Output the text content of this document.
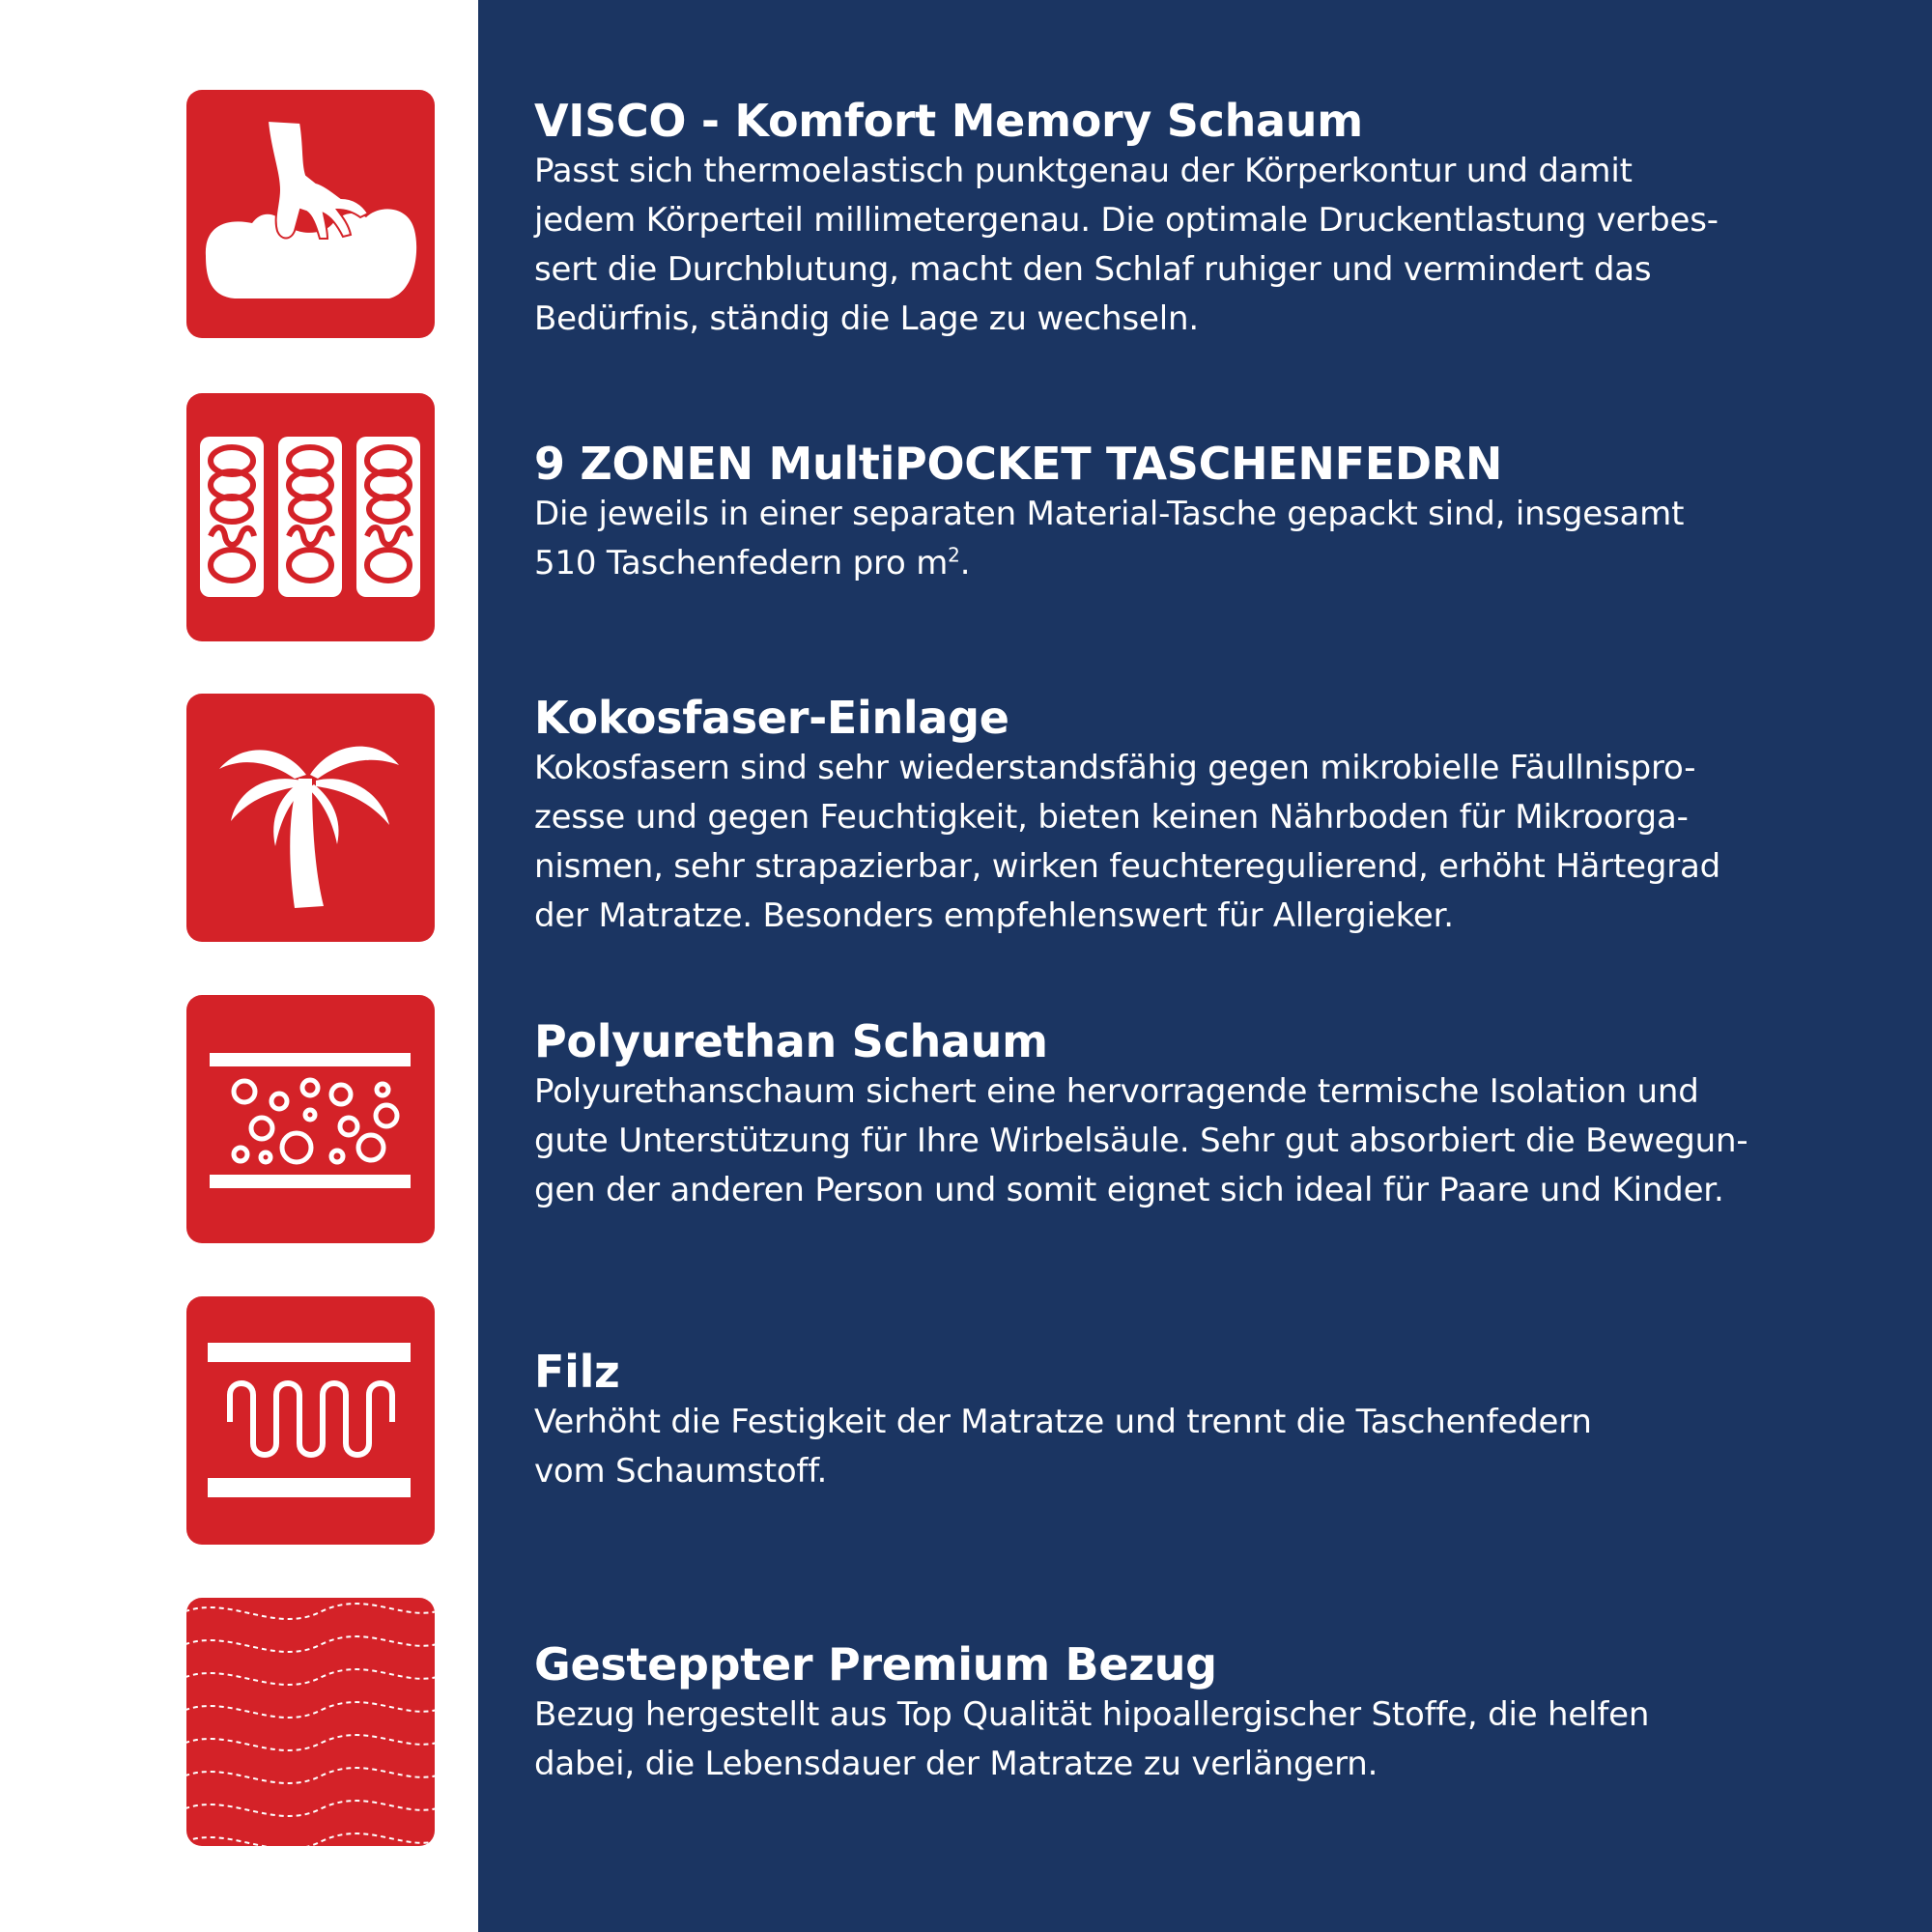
VISCO - Komfort Memory Schaum

Passt sich thermoelastisch punktgenau der Körperkontur und damit

jedem Körperteil millimetergenau. Die optimale Druckentlastung verbes-

sert die Durchblutung, macht den Schlaf ruhiger und vermindert das

Bedürfnis, ständig die Lage zu wechseln.

9 ZONEN MultiPOCKET TASCHENFEDRN

Die jeweils in einer separaten Material-Tasche gepackt sind, insgesamt

510 Taschenfedern pro $m^2$.

Kokosfaser-Einlage

Kokosfasern sind sehr wiederstandsfähig gegen mikrobielle Fäullnispro-

zesse und gegen Feuchtigkeit, bieten keinen Nährboden für Mikroorga-

nismen, sehr strapazierbar, wirken feuchteregulierend, erhöht Härtegrad

der Matratze. Besonders empfehlenswert für Allergieker.

Polyurethan Schaum

Polyurethanschaum sichert eine hervorragende termische Isolation und

gute Unterstützung für Ihre Wirbelsäule. Sehr gut absorbiert die Bewegun-

gen der anderen Person und somit eignet sich ideal für Paare und Kinder.

Filz

Verhöht die Festigkeit der Matratze und trennt die Taschenfedern

vom Schaumstoff.

Gesteppter Premium Bezug

Bezug hergestellt aus Top Qualität hipoallergischer Stoffe, die helfen

dabei, die Lebensdauer der Matratze zu verlängern.
